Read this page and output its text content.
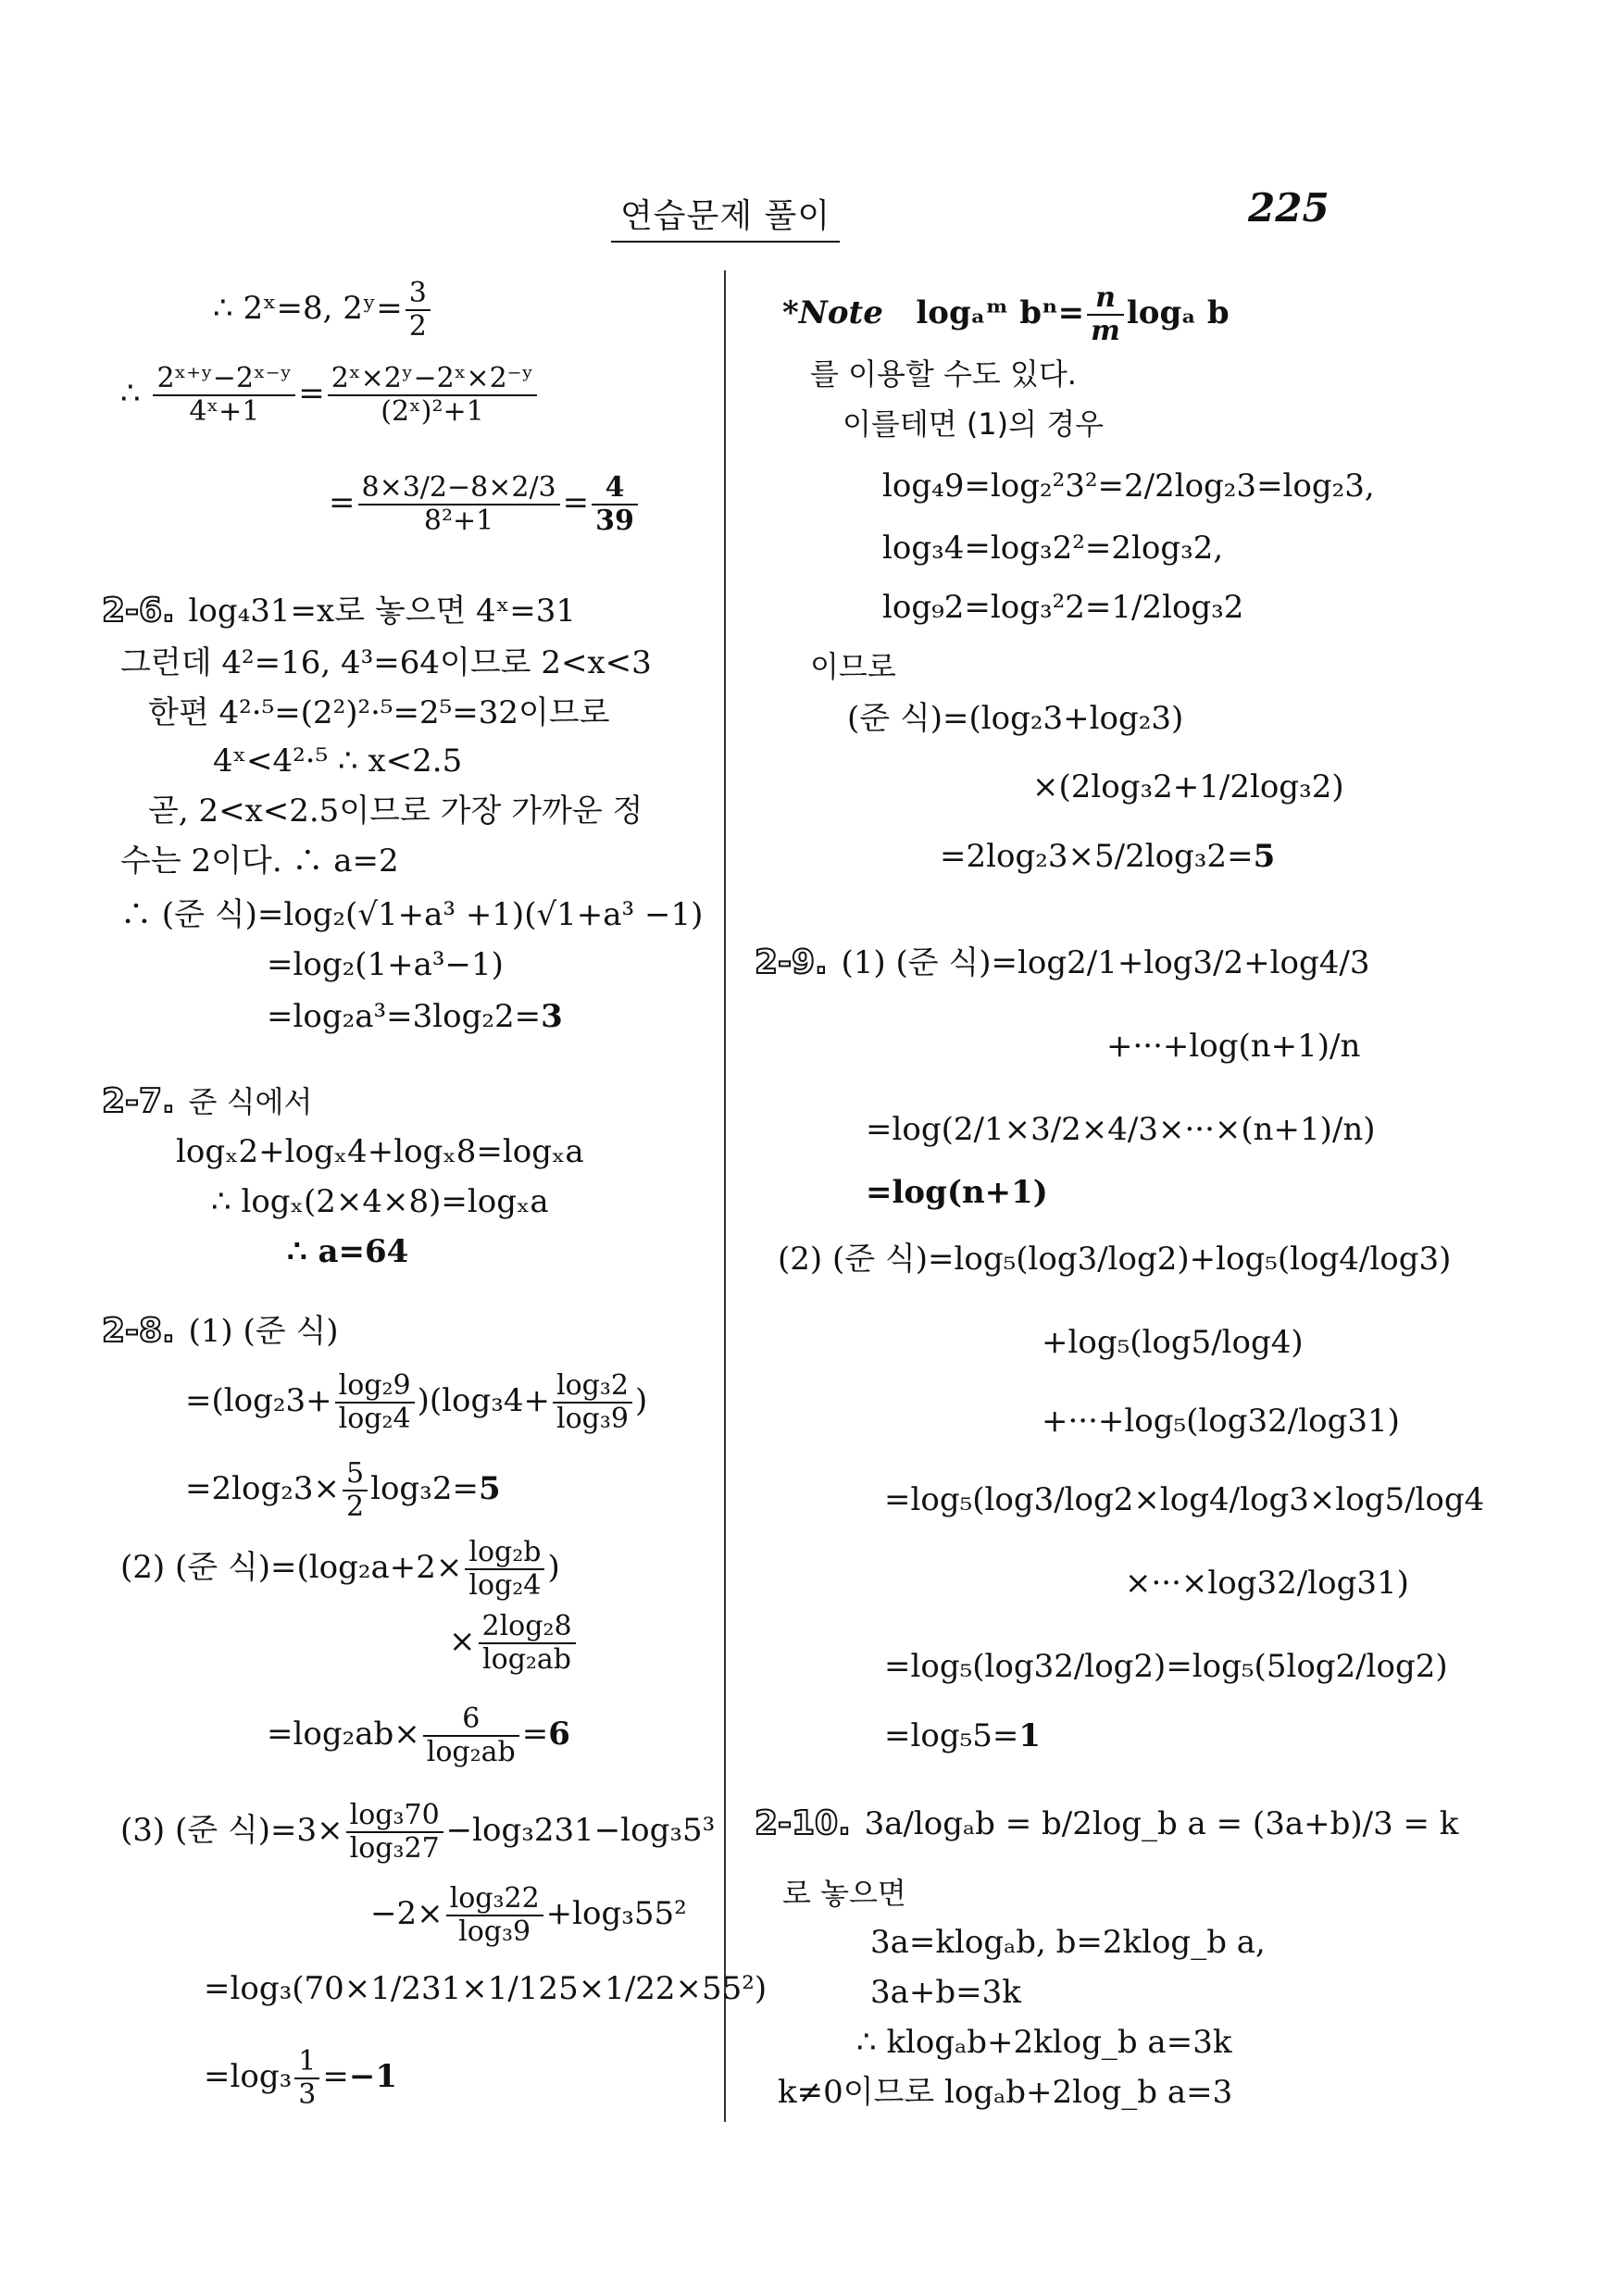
연습문제 풀이	225
∴ 2ˣ=8, 2ʸ= $\frac{3}{2}$
∴ $\frac{\text{2ˣ⁺ʸ−2ˣ⁻ʸ}}{\text{4ˣ+1}} = \frac{\text{2ˣ×2ʸ−2ˣ×2⁻ʸ}}{\text{(2ˣ)²+1}}$
= $\frac{8\times 3/2-8\times 2/3}{\text{8²+1}} = \frac{4}{39}$
2-6. log₄31=x로 놓으면 4ˣ=31
그런데 4²=16, 4³=64이므로 2<x<3
한편 4²·⁵=(2²)²·⁵=2⁵=32이므로
4ˣ<4²·⁵ ∴ x<2.5
곧, 2<x<2.5이므로 가장 가까운 정
수는 2이다. ∴ a=2
∴ (준 식)=log₂(√1+a³ +1)(√1+a³ −1)
=log₂(1+a³−1)
=log₂a³=3log₂2=3
2-7. 준 식에서
logₓ2+logₓ4+logₓ8=logₓa
∴ logₓ(2×4×8)=logₓa
∴ a=64
2-8. (1) (준 식)
$=(\log_23+ \frac{\text{log₂9}}{\text{log₂4}} )(\log_34+ \frac{\text{log₃2}}{\text{log₃9}}$ )
$=2\log_23\times \frac{5}{2} \log_32=5$
(2) (준 식)$=(\log_2a+2\times \frac{\text{log₂b}}{\text{log₂4}}$ )
× $\frac{\text{2log₂8}}{\text{log₂ab}}$
$=\log_2ab\times \frac{6}{\text{log₂ab}} =6$
(3) (준 식)$=3\times \frac{\text{log₃70}}{\text{log₃27}} -\log_3231-\log_35^3$
$-2\times \frac{\text{log₃22}}{\text{log₃9}} +\log_355^2$
=log₃(70×1/231×1/125×1/22×55²)
$=\log_3 \frac{1}{3} =-1$
*Note logₐᵐ $b^n= \frac{n}{m}$ logₐ b
를 이용할 수도 있다.
이를테면 (1)의 경우
log₄9=log₂²3²=2/2log₂3=log₂3,
log₃4=log₃2²=2log₃2,
log₉2=log₃²2=1/2log₃2
이므로
(준 식)=(log₂3+log₂3)
×(2log₃2+1/2log₃2)
=2log₂3×5/2log₃2=5
2-9. (1) (준 식)=log2/1+log3/2+log4/3
+···+log(n+1)/n
=log(2/1×3/2×4/3×···×(n+1)/n)
=log(n+1)
(2) (준 식)=log₅(log3/log2)+log₅(log4/log3)
+log₅(log5/log4)
+···+log₅(log32/log31)
=log₅(log3/log2×log4/log3×log5/log4
×···×log32/log31)
=log₅(log32/log2)=log₅(5log2/log2)
=log₅5=1
2-10. 3a/logₐb = b/2log_b a = (3a+b)/3 = k
로 놓으면
3a=klogₐb, b=2klog_b a,
3a+b=3k
∴ klogₐb+2klog_b a=3k
k≠0이므로 logₐb+2log_b a=3
